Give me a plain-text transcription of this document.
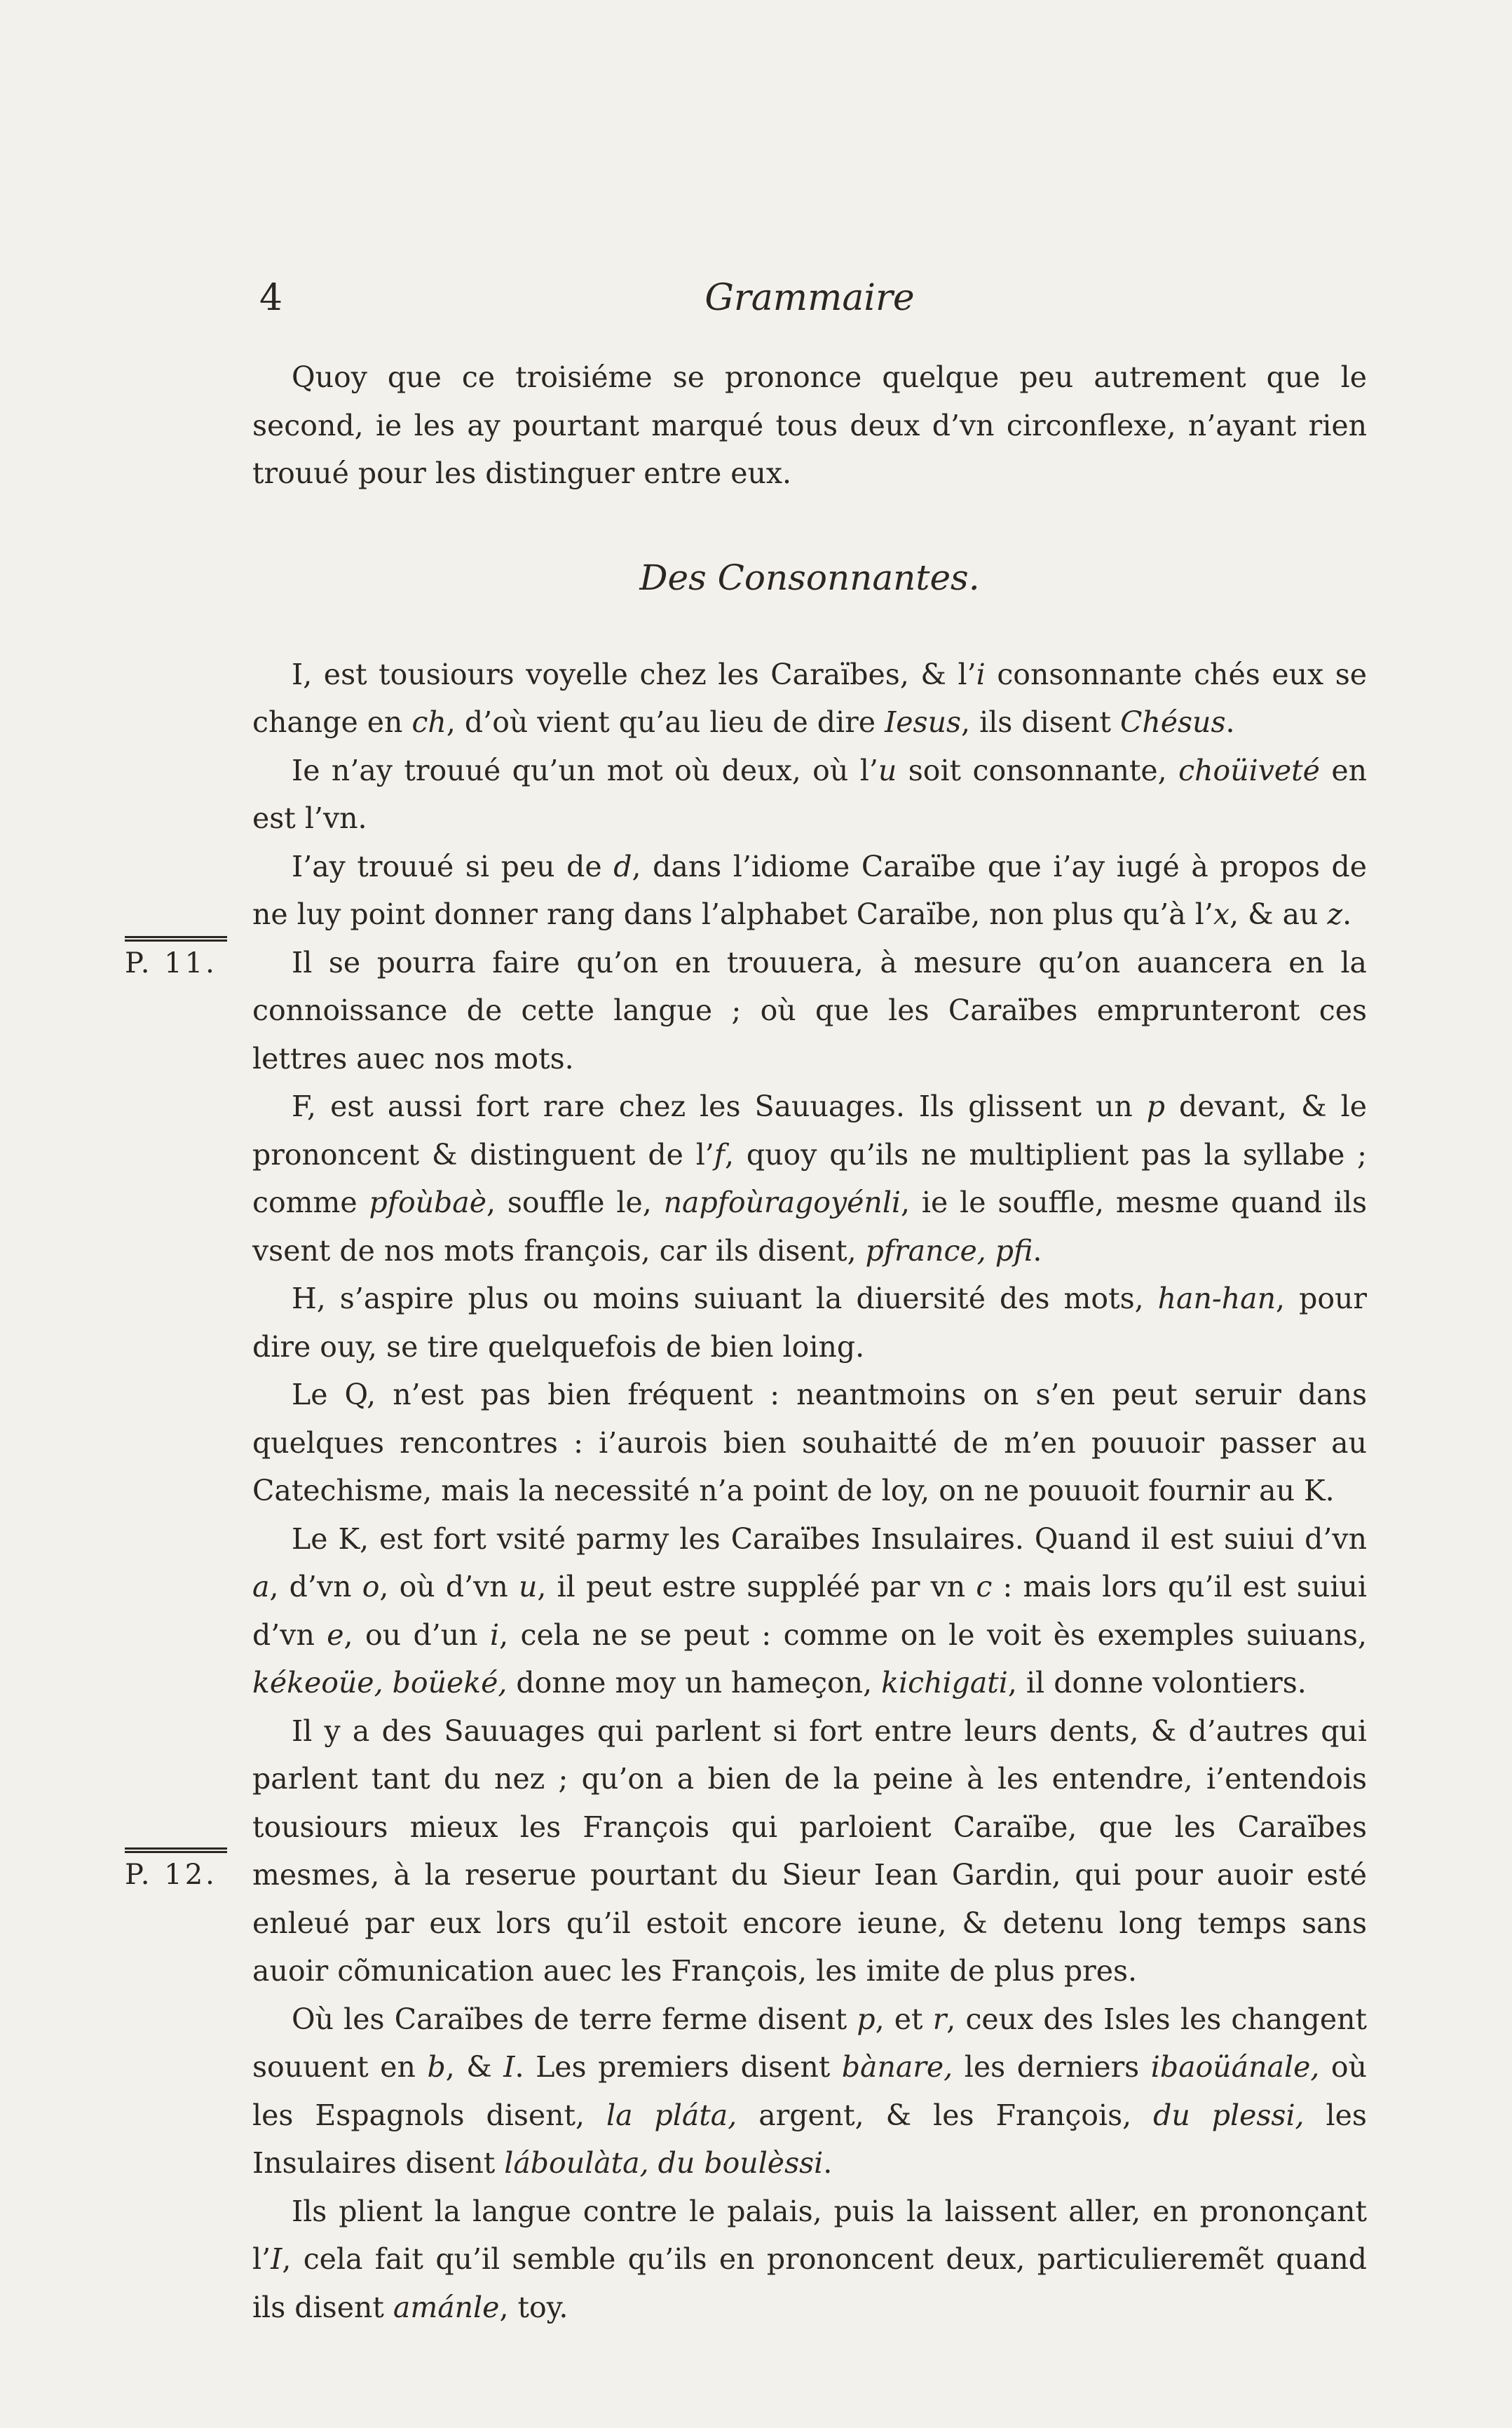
4	Grammaire
P. 11.
P. 12.

Quoy que ce troisiéme se prononce quelque peu autrement que le second, ie les ay pourtant marqué tous deux d’vn circonflexe, n’ayant rien trouué pour les distinguer entre eux.

Des Consonnantes.

I, est tousiours voyelle chez les Caraïbes, & l’i consonnante chés eux se change en ch, d’où vient qu’au lieu de dire Iesus, ils disent Chésus.

Ie n’ay trouué qu’un mot où deux, où l’u soit consonnante, choüiveté en est l’vn.

I’ay trouué si peu de d, dans l’idiome Caraïbe que i’ay iugé à propos de ne luy point donner rang dans l’alphabet Caraïbe, non plus qu’à l’x, & au z.

Il se pourra faire qu’on en trouuera, à mesure qu’on auancera en la connoissance de cette langue ; où que les Caraïbes emprunteront ces lettres auec nos mots.

F, est aussi fort rare chez les Sauuages. Ils glissent un p devant, & le prononcent & distinguent de l’f, quoy qu’ils ne multiplient pas la syllabe ; comme pfoùbaè, souffle le, napfoùragoyénli, ie le souffle, mesme quand ils vsent de nos mots françois, car ils disent, pfrance, pfi.

H, s’aspire plus ou moins suiuant la diuersité des mots, han-han, pour dire ouy, se tire quelquefois de bien loing.

Le Q, n’est pas bien fréquent : neantmoins on s’en peut seruir dans quelques rencontres : i’aurois bien souhaitté de m’en pouuoir passer au Catechisme, mais la necessité n’a point de loy, on ne pouuoit fournir au K.

Le K, est fort vsité parmy les Caraïbes Insulaires. Quand il est suiui d’vn a, d’vn o, où d’vn u, il peut estre suppléé par vn c : mais lors qu’il est suiui d’vn e, ou d’un i, cela ne se peut : comme on le voit ès exemples suiuans, kékeoüe, boüeké, donne moy un hameçon, kichigati, il donne volontiers.

Il y a des Sauuages qui parlent si fort entre leurs dents, & d’autres qui parlent tant du nez ; qu’on a bien de la peine à les entendre, i’entendois tousiours mieux les François qui parloient Caraïbe, que les Caraïbes mesmes, à la reserue pourtant du Sieur Iean Gardin, qui pour auoir esté enleué par eux lors qu’il estoit encore ieune, & detenu long temps sans auoir cõmunication auec les François, les imite de plus pres.

Où les Caraïbes de terre ferme disent p, et r, ceux des Isles les changent souuent en b, & I. Les premiers disent bànare, les derniers ibaoüánale, où les Espagnols disent, la pláta, argent, & les François, du plessi, les Insulaires disent láboulàta, du boulèssi.

Ils plient la langue contre le palais, puis la laissent aller, en prononçant l’I, cela fait qu’il semble qu’ils en prononcent deux, particulieremẽt quand ils disent amánle, toy.
